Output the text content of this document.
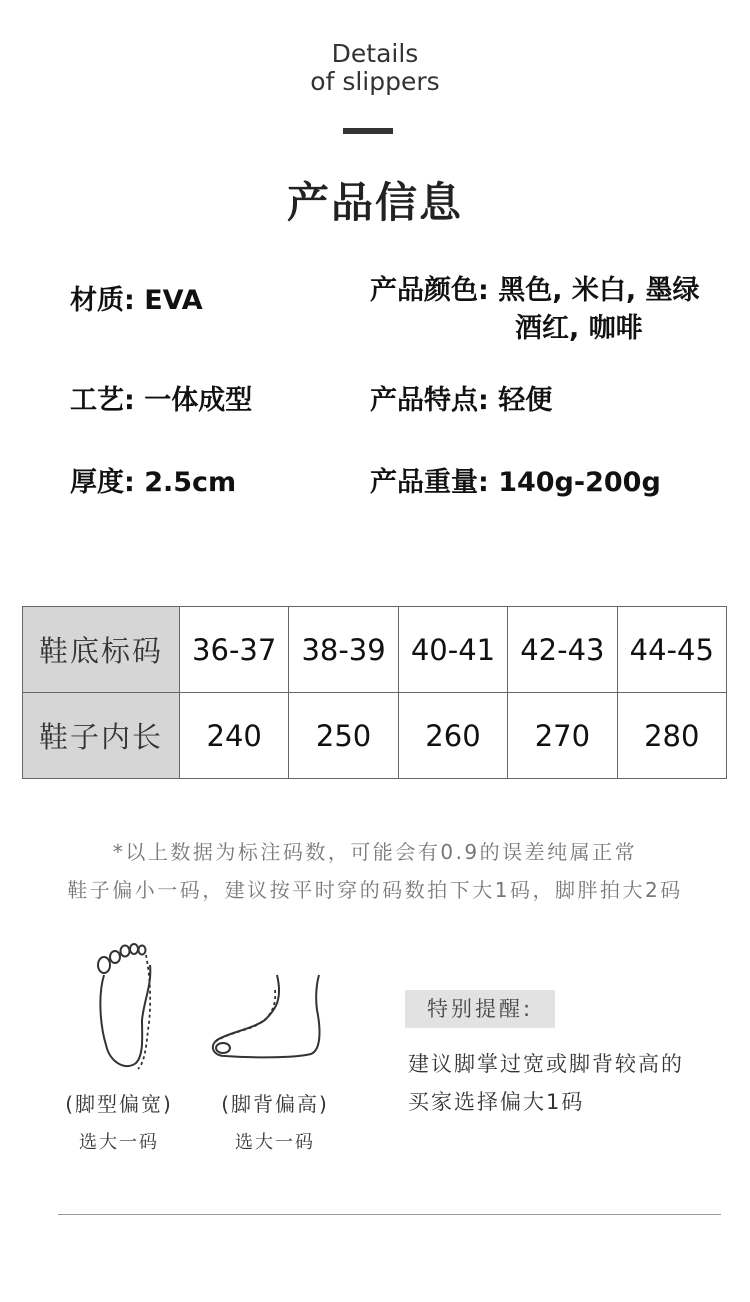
Details
of slippers
产品信息
材质: EVA	产品颜色: 黑色, 米白, 墨绿
酒红, 咖啡
工艺: 一体成型	产品特点: 轻便
厚度: 2.5cm	产品重量: 140g-200g
鞋底标码	36-37	38-39	40-41	42-43	44-45
鞋子内长	240	250	260	270	280
*以上数据为标注码数，可能会有0.9的误差纯属正常
鞋子偏小一码，建议按平时穿的码数拍下大1码，脚胖拍大2码
(脚型偏宽)
选大一码
(脚背偏高)
选大一码
特别提醒:
建议脚掌过宽或脚背较高的
买家选择偏大1码
